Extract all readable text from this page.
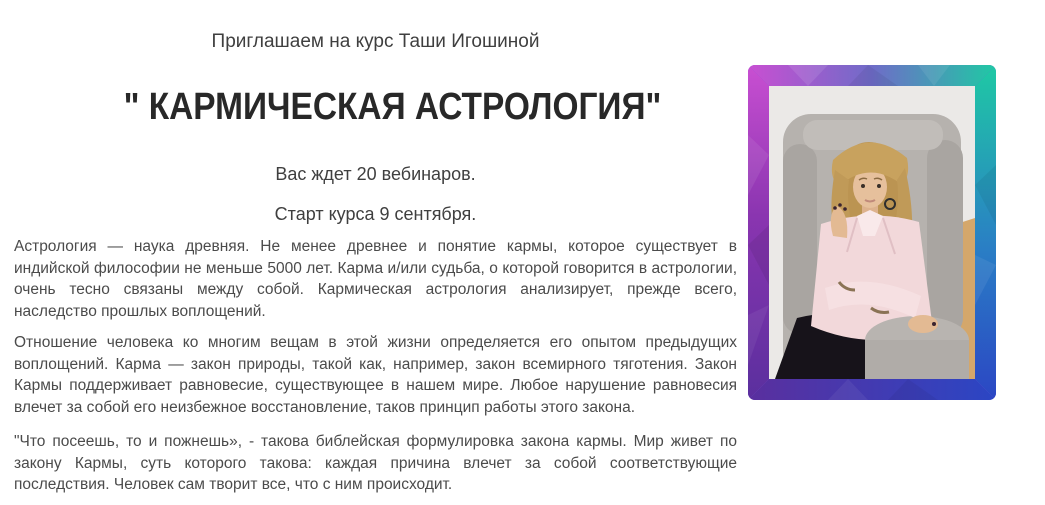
Приглашаем на курс Таши Игошиной

" КАРМИЧЕСКАЯ АСТРОЛОГИЯ"

Вас ждет 20 вебинаров.

Старт курса 9 сентября.

Астрология — наука древняя. Не менее древнее и понятие кармы, которое существует в индийской философии не меньше 5000 лет. Карма и/или судьба, о которой говорится в астрологии, очень тесно связаны между собой. Кармическая астрология анализирует, прежде всего, наследство прошлых воплощений.

Отношение человека ко многим вещам в этой жизни определяется его опытом предыдущих воплощений. Карма — закон природы, такой как, например, закон всемирного тяготения. Закон Кармы поддерживает равновесие, существующее в нашем мире. Любое нарушение равновесия влечет за собой его неизбежное восстановление, таков принцип работы этого закона.

"Что посеешь, то и пожнешь», - такова библейская формулировка закона кармы. Мир живет по закону Кармы, суть которого такова: каждая причина влечет за собой соответствующие последствия. Человек сам творит все, что с ним происходит.
